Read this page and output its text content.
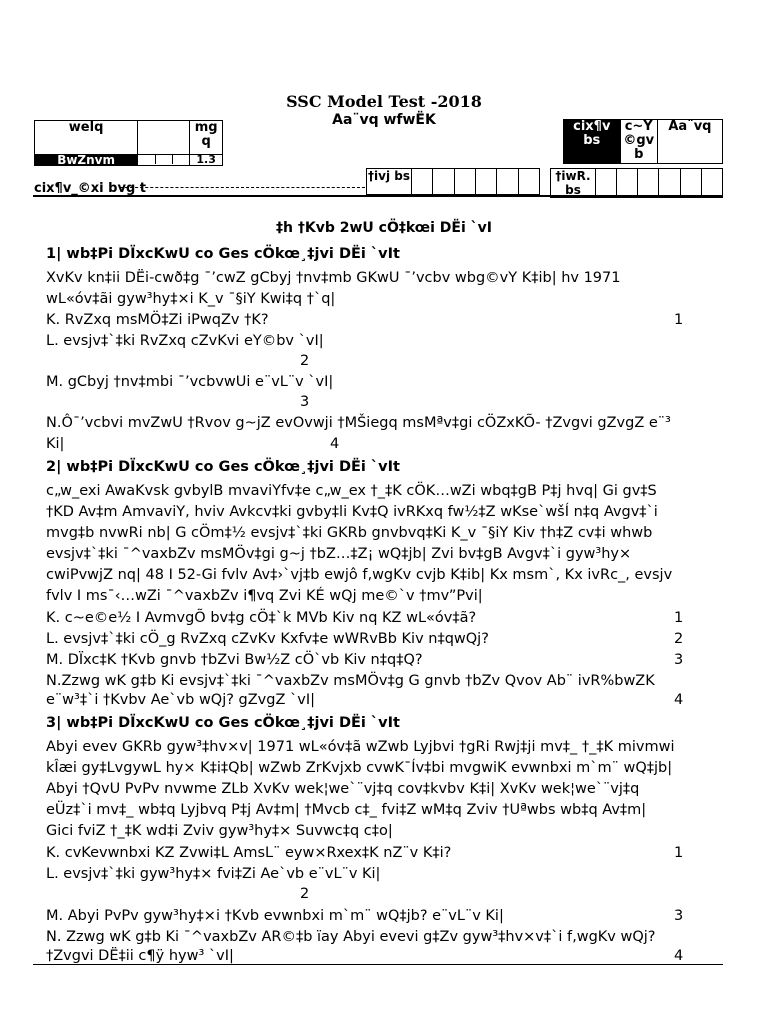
SSC Model Test -2018
Aa¨vq wfwËK
welq		mg
q
BwZnvm		1.3
cix¶v bs	c~Y ©gv b	Aa¨vq
cix¶v_©xi bvg t
†ivj bs							†iwR. bs						
‡h †Kvb 2wU cÖ‡kœi DËi `vI
1| wb‡Pi DÏxcKwU co Ges cÖkœ¸‡jvi DËi `vIt
XvKv kn‡ii DËi-cwð‡g ¯’cwZ gCbyj †nv‡mb GKwU ¯’vcbv wbg©vY K‡ib| hv 1971
wL«óv‡ãi gyw³hy‡×i K_v ¯§iY Kwi‡q †`q|
K. RvZxq msMÖ‡Zi iPwqZv †K?	1
L. evsjv‡`‡ki RvZxq cZvKvi eY©bv `vI|
2
M. gCbyj †nv‡mbi ¯’vcbvwUi e¨vL¨v `vI|
3
N.Ô¯’vcbvi mvZwU †Rvov g~jZ evOvwji †MŠiegq msMªv‡gi cÖZxKÕ- †Zvgvi gZvgZ e¨³
Ki|	4
2| wb‡Pi DÏxcKwU co Ges cÖkœ¸‡jvi DËi `vIt
c„w_exi AwaKvsk gvbylB mvaviYfv‡e c„w_ex †_‡K cÖK…wZi wbq‡gB P‡j hvq| Gi gv‡S
†KD Av‡m AmvaviY, hviv Avkcv‡ki gvby‡li Kv‡Q ivRKxq fw½‡Z wKse`wšÍ n‡q Avgv‡`i
mvg‡b nvwRi nb| G cÖm‡½ evsjv‡`‡ki GKRb gnvbvq‡Ki K_v ¯§iY Kiv †h‡Z cv‡i whwb
evsjv‡`‡ki ¯^vaxbZv msMÖv‡gi g~j †bZ…‡Z¡ wQ‡jb| Zvi bv‡gB Avgv‡`i gyw³hy×
cwiPvwjZ nq| 48 I 52-Gi fvlv Av‡›`vj‡b ewjô f‚wgKv cvjb K‡ib| Kx msm`, Kx ivRc_, evsjv
fvlv I ms¯‹…wZi ¯^vaxbZv i¶vq Zvi KÉ wQj me©`v †mv”Pvi|
K. c~e©e½ I AvmvgÕ bv‡g cÖ‡`k MVb Kiv nq KZ wL«óv‡ã?	1
L. evsjv‡`‡ki cÖ_g RvZxq cZvKv Kxfv‡e wWRvBb Kiv n‡qwQj?	2
M. DÏxc‡K †Kvb gnvb †bZvi Bw½Z cÖ`vb Kiv n‡q‡Q?	3
N.Zzwg wK g‡b Ki evsjv‡`‡ki ¯^vaxbZv msMÖv‡g G gnvb †bZv Qvov Ab¨ ivR%bwZK
e¨w³‡`i †Kvbv Ae`vb wQj? gZvgZ `vI|	4
3| wb‡Pi DÏxcKwU co Ges cÖkœ¸‡jvi DËi `vIt
Abyi evev GKRb gyw³‡hv×v| 1971 wL«óv‡ã wZwb Lyjbvi †gRi Rwj‡ji mv‡_ †_‡K mivmwi
kÎæi gy‡LvgywL hy× K‡i‡Qb| wZwb ZrKvjxb cvwK¯Ív‡bi mvgwiK evwnbxi m`m¨ wQ‡jb|
Abyi †QvU PvPv nvwme ZLb XvKv wek¦we`¨vj‡q cov‡kvbv K‡i| XvKv wek¦we`¨vj‡q
eÜz‡`i mv‡_ wb‡q Lyjbvq P‡j Av‡m| †Mvcb c‡_ fvi‡Z wM‡q Zviv †Uªwbs wb‡q Av‡m|
Gici fviZ †_‡K wd‡i Zviv gyw³hy‡× Suvwc‡q c‡o|
K. cvKevwnbxi KZ Zvwi‡L AmsL¨ eyw×Rxex‡K nZ¨v K‡i?	1
L. evsjv‡`‡ki gyw³hy‡× fvi‡Zi Ae`vb e¨vL¨v Ki|
2
M. Abyi PvPv gyw³hy‡×i †Kvb evwnbxi m`m¨ wQ‡jb? e¨vL¨v Ki|	3
N. Zzwg wK g‡b Ki ¯^vaxbZv AR©‡b ïay Abyi evevi g‡Zv gyw³‡hv×v‡`i f‚wgKv wQj?
†Zvgvi DË‡ii c¶ÿ hyw³ `vI|	4
